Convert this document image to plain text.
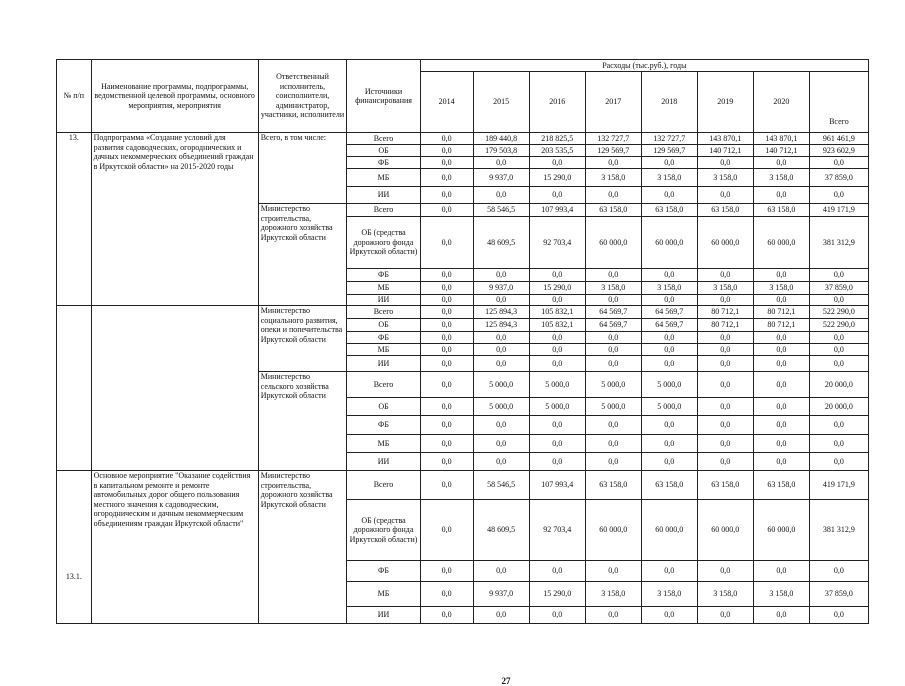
№ п/п	Наименование программы, подпрограммы, ведомственной целевой программы, основного мероприятия, мероприятия	Ответственный исполнитель, соисполнители, администратор, участники, исполнители	Источники финансирования	Расходы (тыс.руб.), годы							
				2014	2015	2016	2017	2018	2019	2020	Всего
13.	Подпрограмма «Создание условий для развития садоводческих, огороднических и дачных некоммерческих объединений граждан в Иркутской области» на 2015-2020 годы	Всего, в том числе:	Всего	0,0	189 440,8	218 825,5	132 727,7	132 727,7	143 870,1	143 870,1	961 461,9
			ОБ	0,0	179 503,8	203 535,5	129 569,7	129 569,7	140 712,1	140 712,1	923 602,9
			ФБ	0,0	0,0	0,0	0,0	0,0	0,0	0,0	0,0
			МБ	0,0	9 937,0	15 290,0	3 158,0	3 158,0	3 158,0	3 158,0	37 859,0
			ИИ	0,0	0,0	0,0	0,0	0,0	0,0	0,0	0,0
		Министерство строительства, дорожного хозяйства Иркутской области	Всего	0,0	58 546,5	107 993,4	63 158,0	63 158,0	63 158,0	63 158,0	419 171,9
			ОБ (средства дорожного фонда Иркутской области)	0,0	48 609,5	92 703,4	60 000,0	60 000,0	60 000,0	60 000,0	381 312,9
			ФБ	0,0	0,0	0,0	0,0	0,0	0,0	0,0	0,0
			МБ	0,0	9 937,0	15 290,0	3 158,0	3 158,0	3 158,0	3 158,0	37 859,0
			ИИ	0,0	0,0	0,0	0,0	0,0	0,0	0,0	0,0
		Министерство социального развития, опеки и попечительства Иркутской области	Всего	0,0	125 894,3	105 832,1	64 569,7	64 569,7	80 712,1	80 712,1	522 290,0
			ОБ	0,0	125 894,3	105 832,1	64 569,7	64 569,7	80 712,1	80 712,1	522 290,0
			ФБ	0,0	0,0	0,0	0,0	0,0	0,0	0,0	0,0
			МБ	0,0	0,0	0,0	0,0	0,0	0,0	0,0	0,0
			ИИ	0,0	0,0	0,0	0,0	0,0	0,0	0,0	0,0
		Министерство сельского хозяйства Иркутской области	Всего	0,0	5 000,0	5 000,0	5 000,0	5 000,0	0,0	0,0	20 000,0
			ОБ	0,0	5 000,0	5 000,0	5 000,0	5 000,0	0,0	0,0	20 000,0
			ФБ	0,0	0,0	0,0	0,0	0,0	0,0	0,0	0,0
			МБ	0,0	0,0	0,0	0,0	0,0	0,0	0,0	0,0
			ИИ	0,0	0,0	0,0	0,0	0,0	0,0	0,0	0,0
13.1.	Основное мероприятие "Оказание содействия в капитальном ремонте и ремонте автомобильных дорог общего пользования местного значения к садоводческим, огородническим и дачным некоммерческим объединениям граждан Иркутской области"	Министерство строительства, дорожного хозяйства Иркутской области	Всего	0,0	58 546,5	107 993,4	63 158,0	63 158,0	63 158,0	63 158,0	419 171,9
			ОБ (средства дорожного фонда Иркутской области)	0,0	48 609,5	92 703,4	60 000,0	60 000,0	60 000,0	60 000,0	381 312,9
			ФБ	0,0	0,0	0,0	0,0	0,0	0,0	0,0	0,0
			МБ	0,0	9 937,0	15 290,0	3 158,0	3 158,0	3 158,0	3 158,0	37 859,0
			ИИ	0,0	0,0	0,0	0,0	0,0	0,0	0,0	0,0
27
